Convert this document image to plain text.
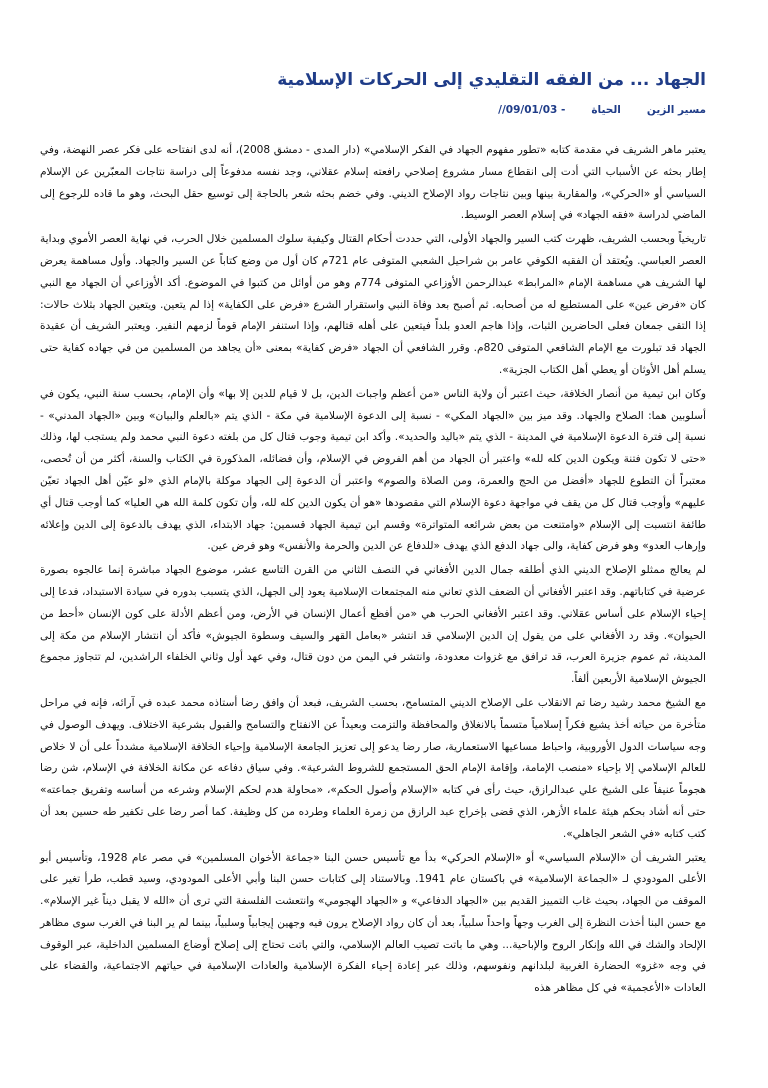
الجهاد ... من الفقه التقليدي إلى الحركات الإسلامية
مسير الزين
الحياة
- 09/01/03//

يعتبر ماهر الشريف في مقدمة كتابه «تطور مفهوم الجهاد في الفكر الإسلامي» (دار المدى - دمشق 2008)، أنه لدى انفتاحه على فكر عصر النهضة، وفي إطار بحثه عن الأسباب التي أدت إلى انقطاع مسار مشروع إصلاحي رافعته إسلام عقلاني، وجد نفسه مدفوعاً إلى دراسة نتاجات المعبّرين عن الإسلام السياسي أو «الحركي»، والمقاربة بينها وبين نتاجات رواد الإصلاح الديني. وفي خضم بحثه شعر بالحاجة إلى توسيع حقل البحث، وهو ما قاده للرجوع إلى الماضي لدراسة «فقه الجهاد» في إسلام العصر الوسيط.

تاريخياً وبحسب الشريف، ظهرت كتب السير والجهاد الأولى، التي حددت أحكام القتال وكيفية سلوك المسلمين خلال الحرب، في نهاية العصر الأموي وبداية العصر العباسي. ويُعتقد أن الفقيه الكوفي عامر بن شراحيل الشعبي المتوفى عام 721م كان أول من وضع كتاباً عن السير والجهاد. وأول مساهمة يعرض لها الشريف هي مساهمة الإمام «المرابط» عبدالرحمن الأوزاعي المتوفى 774م وهو من أوائل من كتبوا في الموضوع. أكد الأوزاعي أن الجهاد مع النبي كان «فرض عين» على المستطيع له من أصحابه. ثم أصبح بعد وفاة النبي واستقرار الشرع «فرض على الكفاية» إذا لم يتعين. ويتعين الجهاد بثلاث حالات: إذا التقى جمعان فعلى الحاضرين الثبات، وإذا هاجم العدو بلداً فيتعين على أهله قتالهم، وإذا استنفر الإمام قوماً لزمهم النفير. ويعتبر الشريف أن عقيدة الجهاد قد تبلورت مع الإمام الشافعي المتوفى 820م. وقرر الشافعي أن الجهاد «فرض كفاية» بمعنى «أن يجاهد من المسلمين من في جهاده كفاية حتى يسلم أهل الأوثان أو يعطي أهل الكتاب الجزية».

وكان ابن تيمية من أنصار الخلافة، حيث اعتبر أن ولاية الناس «من أعظم واجبات الدين، بل لا قيام للدين إلا بها» وأن الإمام، بحسب سنة النبي، يكون في أسلوبين هما: الصلاح والجهاد. وقد ميز بين «الجهاد المكي» - نسبة إلى الدعوة الإسلامية في مكة - الذي يتم «بالعلم والبيان» وبين «الجهاد المدني» - نسبة إلى فترة الدعوة الإسلامية في المدينة - الذي يتم «باليد والحديد». وأكد ابن تيمية وجوب قتال كل من بلغته دعوة النبي محمد ولم يستجب لها، وذلك «حتى لا تكون فتنة ويكون الدين كله لله» واعتبر أن الجهاد من أهم الفروض في الإسلام، وأن فضائله، المذكورة في الكتاب والسنة، أكثر من أن تُحصى، معتبراً أن التطوع للجهاد «أفضل من الحج والعمرة، ومن الصلاة والصوم» واعتبر أن الدعوة إلى الجهاد موكلة بالإمام الذي «لو عيّن أهل الجهاد تعيّن عليهم» وأوجب قتال كل من يقف في مواجهة دعوة الإسلام التي مقصودها «هو أن يكون الدين كله لله، وأن تكون كلمة الله هي العليا» كما أوجب قتال أي طائفة انتسبت إلى الإسلام «وامتنعت من بعض شرائعه المتواترة» وقسم ابن تيمية الجهاد قسمين: جهاد الابتداء، الذي يهدف بالدعوة إلى الدين وإعلائه وإرهاب العدو» وهو فرض كفاية، والى جهاد الدفع الذي يهدف «للدفاع عن الدين والحرمة والأنفس» وهو فرض عين.

لم يعالج ممثلو الإصلاح الديني الذي أطلقه جمال الدين الأفغاني في النصف الثاني من القرن التاسع عشر، موضوع الجهاد مباشرة إنما عالجوه بصورة عرضية في كتاباتهم. وقد اعتبر الأفغاني أن الضعف الذي تعاني منه المجتمعات الإسلامية يعود إلى الجهل، الذي يتسبب بدوره في سيادة الاستبداد، فدعا إلى إحياء الإسلام على أساس عقلاني. وقد اعتبر الأفغاني الحرب هي «من أفظع أعمال الإنسان في الأرض، ومن أعظم الأدلة على كون الإنسان «أحط من الحيوان». وقد رد الأفغاني على من يقول إن الدين الإسلامي قد انتشر «بعامل القهر والسيف وسطوة الجيوش» فأكد أن انتشار الإسلام من مكة إلى المدينة، ثم عموم جزيرة العرب، قد ترافق مع غزوات معدودة، وانتشر في اليمن من دون قتال، وفي عهد أول وثاني الخلفاء الراشدين، لم تتجاوز مجموع الجيوش الإسلامية الأربعين ألفاً.

مع الشيخ محمد رشيد رضا تم الانقلاب على الإصلاح الديني المتسامح، بحسب الشريف، فبعد أن وافق رضا أستاذه محمد عبده في آرائه، فإنه في مراحل متأخرة من حياته أخذ يشيع فكراً إسلامياً متسماً بالانغلاق والمحافظة والتزمت وبعيداً عن الانفتاح والتسامح والقبول بشرعية الاختلاف. ويهدف الوصول في وجه سياسات الدول الأوروبية، واحباط مساعيها الاستعمارية، صار رضا يدعو إلى تعزيز الجامعة الإسلامية وإحياء الخلافة الإسلامية مشدداً على أن لا خلاص للعالم الإسلامي إلا بإحياء «منصب الإمامة، وإقامة الإمام الحق المستجمع للشروط الشرعية». وفي سياق دفاعه عن مكانة الخلافة في الإسلام، شن رضا هجوماً عنيفاً على الشيخ علي عبدالرازق، حيث رأى في كتابه «الإسلام وأصول الحكم»، «محاولة هدم لحكم الإسلام وشرعه من أساسه وتفريق جماعته» حتى أنه أشاد بحكم هيئة علماء الأزهر، الذي قضى بإخراج عبد الرازق من زمرة العلماء وطرده من كل وظيفة. كما أصر رضا على تكفير طه حسين بعد أن كتب كتابه «في الشعر الجاهلي».

يعتبر الشريف أن «الإسلام السياسي» أو «الإسلام الحركي» بدأ مع تأسيس حسن البنا «جماعة الأخوان المسلمين» في مصر عام 1928، وتأسيس أبو الأعلى المودودي لـ «الجماعة الإسلامية» في باكستان عام 1941. وبالاستناد إلى كتابات حسن البنا وأبي الأعلى المودودي، وسيد قطب، طرأ تغير على الموقف من الجهاد، بحيث غاب التمييز القديم بين «الجهاد الدفاعي» و «الجهاد الهجومي» وانتعشت الفلسفة التي ترى أن «الله لا يقبل ديناً غير الإسلام». مع حسن البنا أخذت النظرة إلى الغرب وجهاً واحداً سلبياً، بعد أن كان رواد الإصلاح يرون فيه وجهين إيجابياً وسلبياً، بينما لم ير البنا في الغرب سوى مظاهر الإلحاد والشك في الله وإنكار الروح والإباحية... وهي ما باتت تصيب العالم الإسلامي، والتي باتت تحتاج إلى إصلاح أوضاع المسلمين الداخلية، عبر الوقوف في وجه «غزو» الحضارة الغربية لبلدانهم ونفوسهم، وذلك عبر إعادة إحياء الفكرة الإسلامية والعادات الإسلامية في حياتهم الاجتماعية، والقضاء على العادات «الأعجمية» في كل مظاهر هذه
